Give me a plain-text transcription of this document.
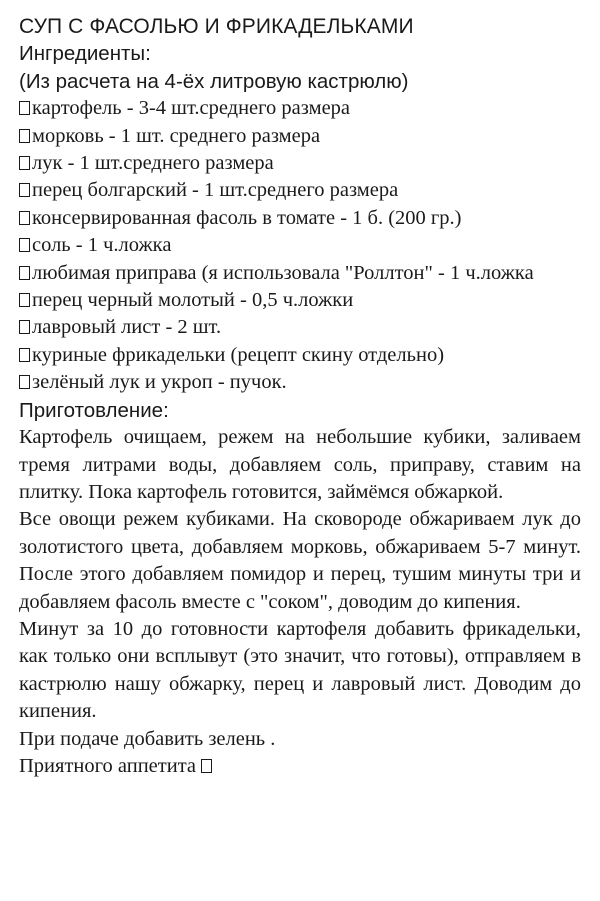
СУП С ФАСОЛЬЮ И ФРИКАДЕЛЬКАМИ
Ингредиенты:
(Из расчета на 4-ёх литровую кастрюлю)
картофель - 3-4 шт.среднего размера
морковь - 1 шт. среднего размера
лук - 1 шт.среднего размера
перец болгарский - 1 шт.среднего размера
консервированная фасоль в томате - 1 б. (200 гр.)
соль - 1 ч.ложка
любимая приправа (я использовала "Роллтон" - 1 ч.ложка
перец черный молотый - 0,5 ч.ложки
лавровый лист - 2 шт.
куриные фрикадельки (рецепт скину отдельно)
зелёный лук и укроп - пучок.
Приготовление:

Картофель очищаем, режем на небольшие кубики, заливаем тремя литрами воды, добавляем соль, приправу, ставим на плитку. Пока картофель готовится, займёмся обжаркой.

Все овощи режем кубиками. На сковороде обжариваем лук до золотистого цвета, добавляем морковь, обжариваем 5-7 минут. После этого добавляем помидор и перец, тушим минуты три и добавляем фасоль вместе с "соком", доводим до кипения.

Минут за 10 до готовности картофеля добавить фрикадельки, как только они всплывут (это значит, что готовы), отправляем в кастрюлю нашу обжарку, перец и лавровый лист. Доводим до кипения.

При подаче добавить зелень .

Приятного аппетита
